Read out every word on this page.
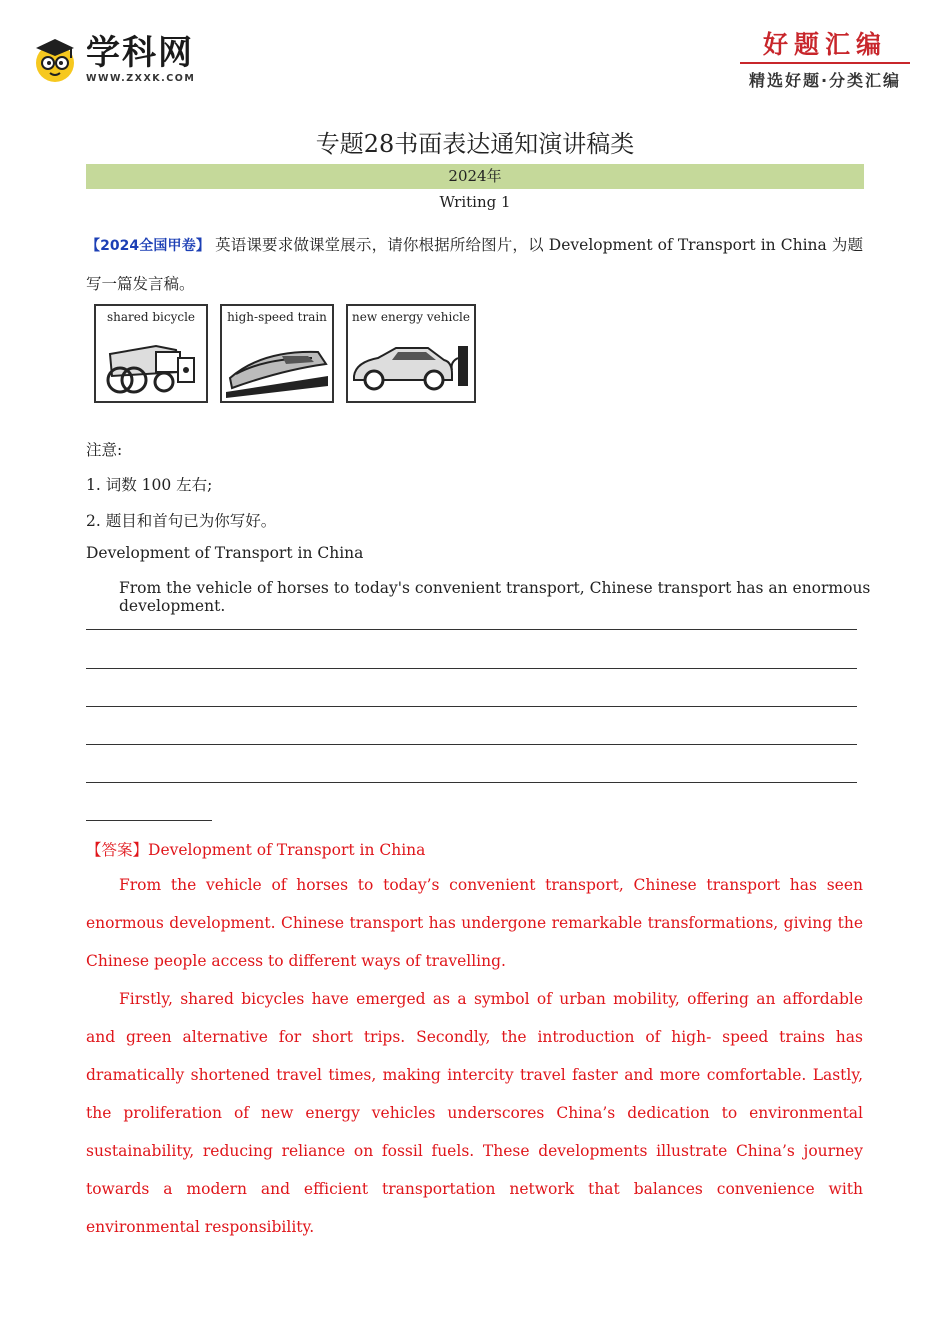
学科网
WWW.ZXXK.COM
好题汇编
精选好题·分类汇编
专题28书面表达通知演讲稿类
2024年
Writing 1
【2024全国甲卷】 英语课要求做课堂展示，请你根据所给图片，以 Development of Transport in China 为题写一篇发言稿。
shared bicycle	high-speed train	new energy vehicle
注意:
1. 词数 100 左右;
2. 题目和首句已为你写好。
Development of Transport in China
From the vehicle of horses to today's convenient transport, Chinese transport has an enormous development.
【答案】Development of Transport in China

From the vehicle of horses to today’s convenient transport, Chinese transport has seen enormous development. Chinese transport has undergone remarkable transformations, giving the Chinese people access to different ways of travelling.

Firstly, shared bicycles have emerged as a symbol of urban mobility, offering an affordable and green alternative for short trips. Secondly, the introduction of high- speed trains has dramatically shortened travel times, making intercity travel faster and more comfortable. Lastly, the proliferation of new energy vehicles underscores China’s dedication to environmental sustainability, reducing reliance on fossil fuels. These developments illustrate China’s journey towards a modern and efficient transportation network that balances convenience with environmental responsibility.
